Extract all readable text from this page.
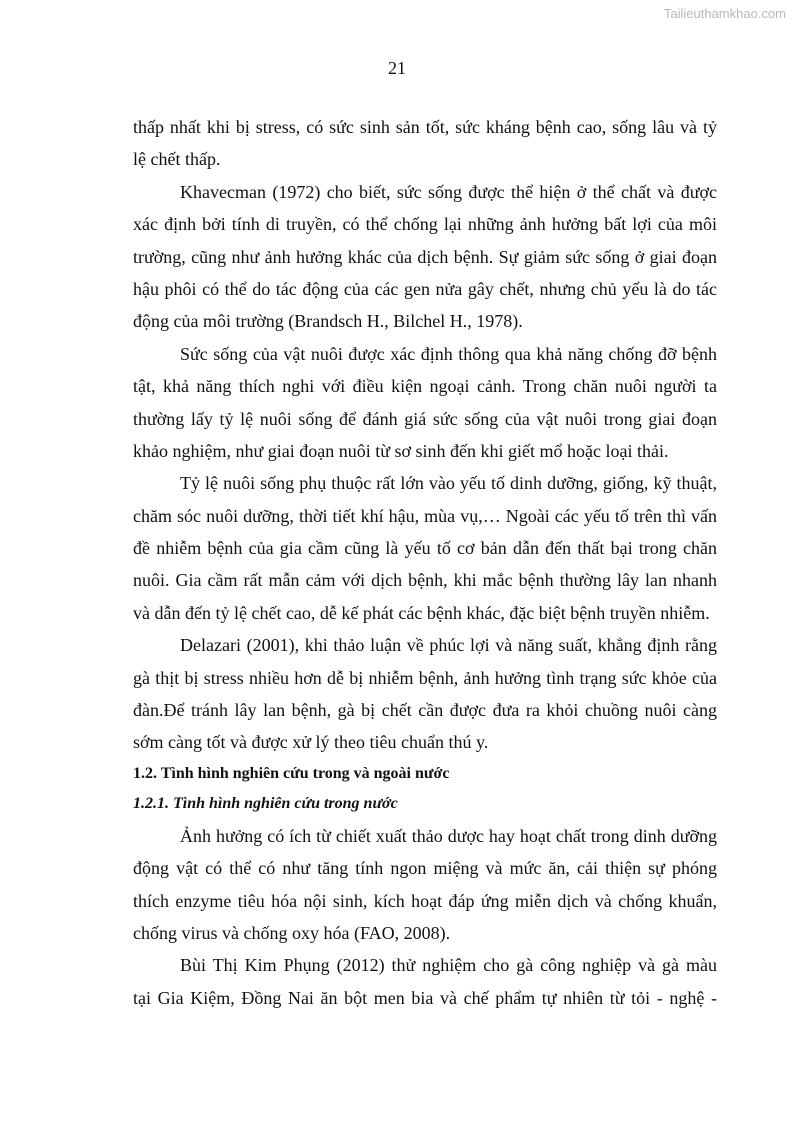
Tailieuthamkhao.com
21
thấp nhất khi bị stress, có sức sinh sản tốt, sức kháng bệnh cao, sống lâu và tỷ
lệ chết thấp.
Khavecman (1972) cho biết, sức sống được thể hiện ở thể chất và được
xác định bởi tính di truyền, có thể chống lại những ảnh hưởng bất lợi của môi
trường, cũng như ảnh hưởng khác của dịch bệnh. Sự giảm sức sống ở giai đoạn
hậu phôi có thể do tác động của các gen nửa gây chết, nhưng chủ yếu là do tác
động của môi trường (Brandsch H., Bilchel H., 1978).
Sức sống của vật nuôi được xác định thông qua khả năng chống đỡ bệnh
tật, khả năng thích nghi với điều kiện ngoại cảnh. Trong chăn nuôi người ta
thường lấy tỷ lệ nuôi sống để đánh giá sức sống của vật nuôi trong giai đoạn
khảo nghiệm, như giai đoạn nuôi từ sơ sinh đến khi giết mổ hoặc loại thải.
Tỷ lệ nuôi sống phụ thuộc rất lớn vào yếu tố dinh dưỡng, giống, kỹ thuật,
chăm sóc nuôi dưỡng, thời tiết khí hậu, mùa vụ,… Ngoài các yếu tố trên thì vấn
đề nhiễm bệnh của gia cầm cũng là yếu tố cơ bản dẫn đến thất bại trong chăn
nuôi. Gia cầm rất mẫn cảm với dịch bệnh, khi mắc bệnh thường lây lan nhanh
và dẫn đến tỷ lệ chết cao, dễ kế phát các bệnh khác, đặc biệt bệnh truyền nhiễm.
Delazari (2001), khi thảo luận về phúc lợi và năng suất, khẳng định rằng
gà thịt bị stress nhiều hơn dễ bị nhiễm bệnh, ảnh hưởng tình trạng sức khỏe của
đàn.Để tránh lây lan bệnh, gà bị chết cần được đưa ra khỏi chuồng nuôi càng
sớm càng tốt và được xử lý theo tiêu chuẩn thú y.
1.2. Tình hình nghiên cứu trong và ngoài nước
1.2.1. Tình hình nghiên cứu trong nước
Ảnh hưởng có ích từ chiết xuất thảo dược hay hoạt chất trong dinh dưỡng
động vật có thể có như tăng tính ngon miệng và mức ăn, cải thiện sự phóng
thích enzyme tiêu hóa nội sinh, kích hoạt đáp ứng miễn dịch và chống khuẩn,
chống virus và chống oxy hóa (FAO, 2008).
Bùi Thị Kim Phụng (2012) thử nghiệm cho gà công nghiệp và gà màu
tại Gia Kiệm, Đồng Nai ăn bột men bia và chế phẩm tự nhiên từ tỏi - nghệ -
